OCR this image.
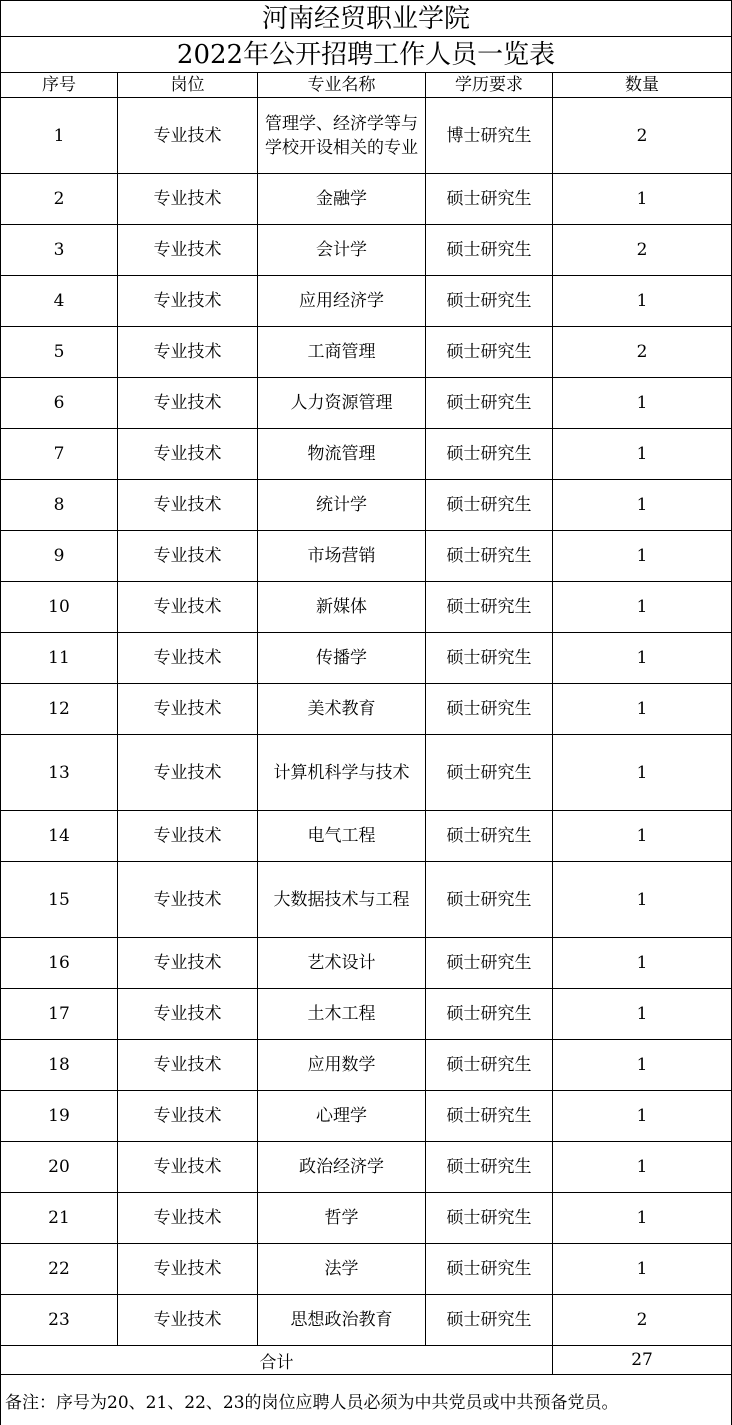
河南经贸职业学院				
2022年公开招聘工作人员一览表				
序号	岗位	专业名称	学历要求	数量
1	专业技术	管理学、经济学等与学校开设相关的专业	博士研究生	2
2	专业技术	金融学	硕士研究生	1
3	专业技术	会计学	硕士研究生	2
4	专业技术	应用经济学	硕士研究生	1
5	专业技术	工商管理	硕士研究生	2
6	专业技术	人力资源管理	硕士研究生	1
7	专业技术	物流管理	硕士研究生	1
8	专业技术	统计学	硕士研究生	1
9	专业技术	市场营销	硕士研究生	1
10	专业技术	新媒体	硕士研究生	1
11	专业技术	传播学	硕士研究生	1
12	专业技术	美术教育	硕士研究生	1
13	专业技术	计算机科学与技术	硕士研究生	1
14	专业技术	电气工程	硕士研究生	1
15	专业技术	大数据技术与工程	硕士研究生	1
16	专业技术	艺术设计	硕士研究生	1
17	专业技术	土木工程	硕士研究生	1
18	专业技术	应用数学	硕士研究生	1
19	专业技术	心理学	硕士研究生	1
20	专业技术	政治经济学	硕士研究生	1
21	专业技术	哲学	硕士研究生	1
22	专业技术	法学	硕士研究生	1
23	专业技术	思想政治教育	硕士研究生	2
合计				27
备注：序号为20、21、22、23的岗位应聘人员必须为中共党员或中共预备党员。				
